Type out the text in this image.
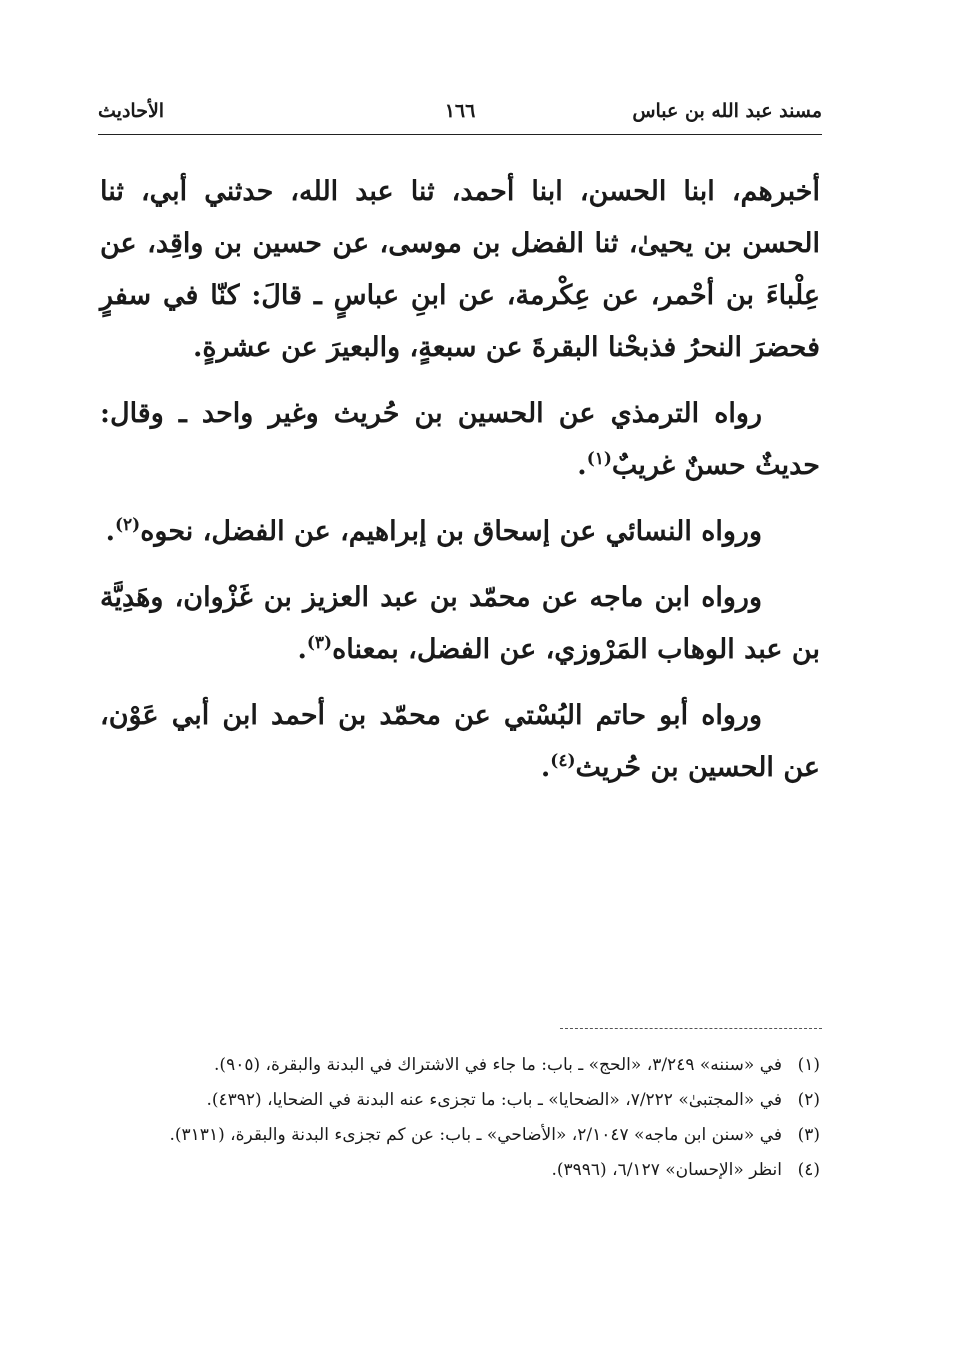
مسند عبد الله بن عباس
١٦٦
الأحاديث

أخبرهم، ابنا الحسن، ابنا أحمد، ثنا عبد الله، حدثني أبي، ثنا الحسن بن يحيىٰ، ثنا الفضل بن موسى، عن حسين بن واقِد، عن عِلْباءَ بن أحْمر، عن عِكْرمة، عن ابنِ عباسٍ ـ قالَ: كنّا في سفرٍ فحضرَ النحرُ فذبحْنا البقرةَ عن سبعةٍ، والبعيرَ عن عشرةٍ.

رواه الترمذي عن الحسين بن حُريث وغير واحد ـ وقال: حديثٌ حسنٌ غريبٌ$^{(١)}$.

ورواه النسائي عن إسحاق بن إبراهيم، عن الفضل، نحوه$^{(٢)}$.

ورواه ابن ماجه عن محمّد بن عبد العزيز بن غَزْوان، وهَدِيَّة بن عبد الوهاب المَرْوزي، عن الفضل، بمعناه$^{(٣)}$.

ورواه أبو حاتم البُسْتي عن محمّد بن أحمد ابن أبي عَوْن، عن الحسين بن حُريث$^{(٤)}$.

(١)
في «سننه» ٣/٢٤٩، «الحج» ـ باب: ما جاء في الاشتراك في البدنة والبقرة، (٩٠٥).
(٢)
في «المجتبىٰ» ٧/٢٢٢، «الضحايا» ـ باب: ما تجزىء عنه البدنة في الضحايا، (٤٣٩٢).
(٣)
في «سنن ابن ماجه» ٢/١٠٤٧، «الأضاحي» ـ باب: عن كم تجزىء البدنة والبقرة، (٣١٣١).
(٤)
انظر «الإحسان» ٦/١٢٧، (٣٩٩٦).
